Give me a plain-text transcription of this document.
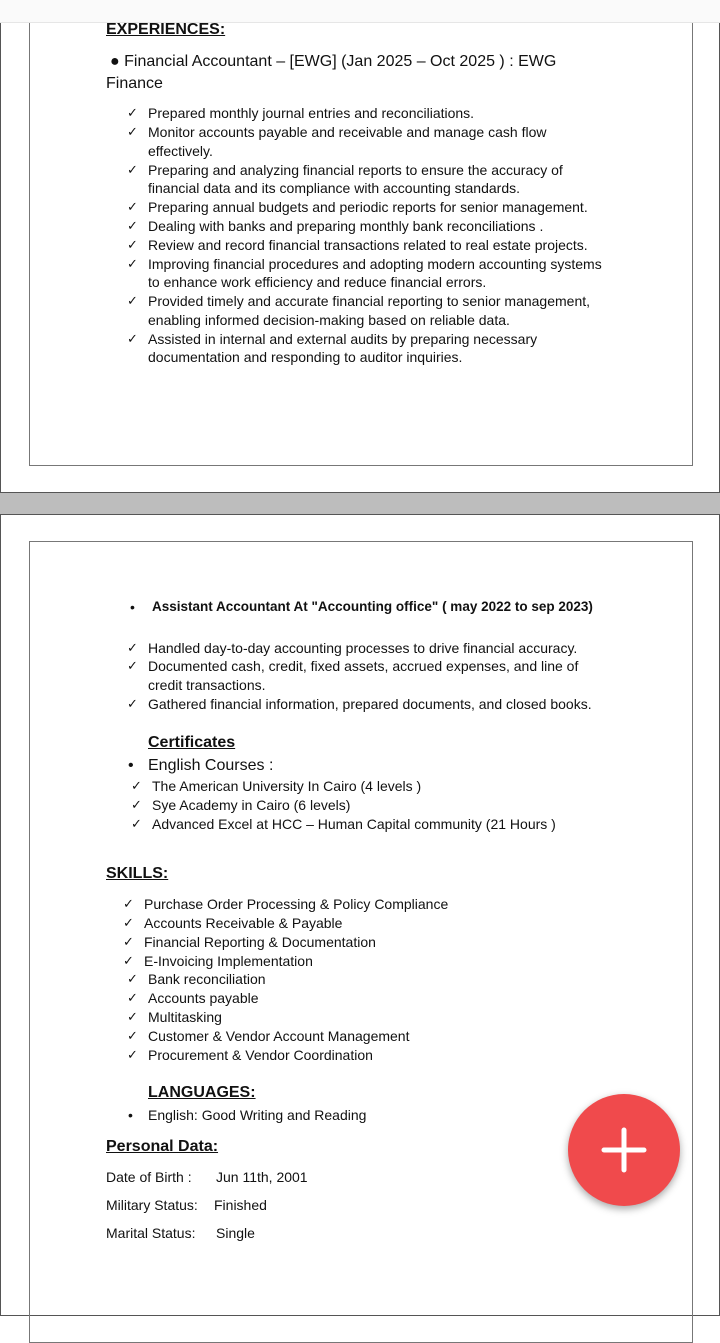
EXPERIENCES:
● Financial Accountant – [EWG] (Jan 2025 – Oct 2025 ) : EWG
Finance
✓ Prepared monthly journal entries and reconciliations.
✓ Monitor accounts payable and receivable and manage cash flow
effectively.
✓ Preparing and analyzing financial reports to ensure the accuracy of
financial data and its compliance with accounting standards.
✓ Preparing annual budgets and periodic reports for senior management.
✓ Dealing with banks and preparing monthly bank reconciliations .
✓ Review and record financial transactions related to real estate projects.
✓ Improving financial procedures and adopting modern accounting systems
to enhance work efficiency and reduce financial errors.
✓ Provided timely and accurate financial reporting to senior management,
enabling informed decision-making based on reliable data.
✓ Assisted in internal and external audits by preparing necessary
documentation and responding to auditor inquiries.
• Assistant Accountant At "Accounting office" ( may 2022 to sep 2023)
✓ Handled day-to-day accounting processes to drive financial accuracy.
✓ Documented cash, credit, fixed assets, accrued expenses, and line of
credit transactions.
✓ Gathered financial information, prepared documents, and closed books.
Certificates
• English Courses :
✓ The American University In Cairo (4 levels )
✓ Sye Academy in Cairo (6 levels)
✓ Advanced Excel at HCC – Human Capital community (21 Hours )
SKILLS:
✓ Purchase Order Processing & Policy Compliance
✓ Accounts Receivable & Payable
✓ Financial Reporting & Documentation
✓ E-Invoicing Implementation
✓ Bank reconciliation
✓ Accounts payable
✓ Multitasking
✓ Customer & Vendor Account Management
✓ Procurement & Vendor Coordination
LANGUAGES:
• English: Good Writing and Reading
Personal Data:
Date of Birth : Jun 11th, 2001
Military Status: Finished
Marital Status: Single
